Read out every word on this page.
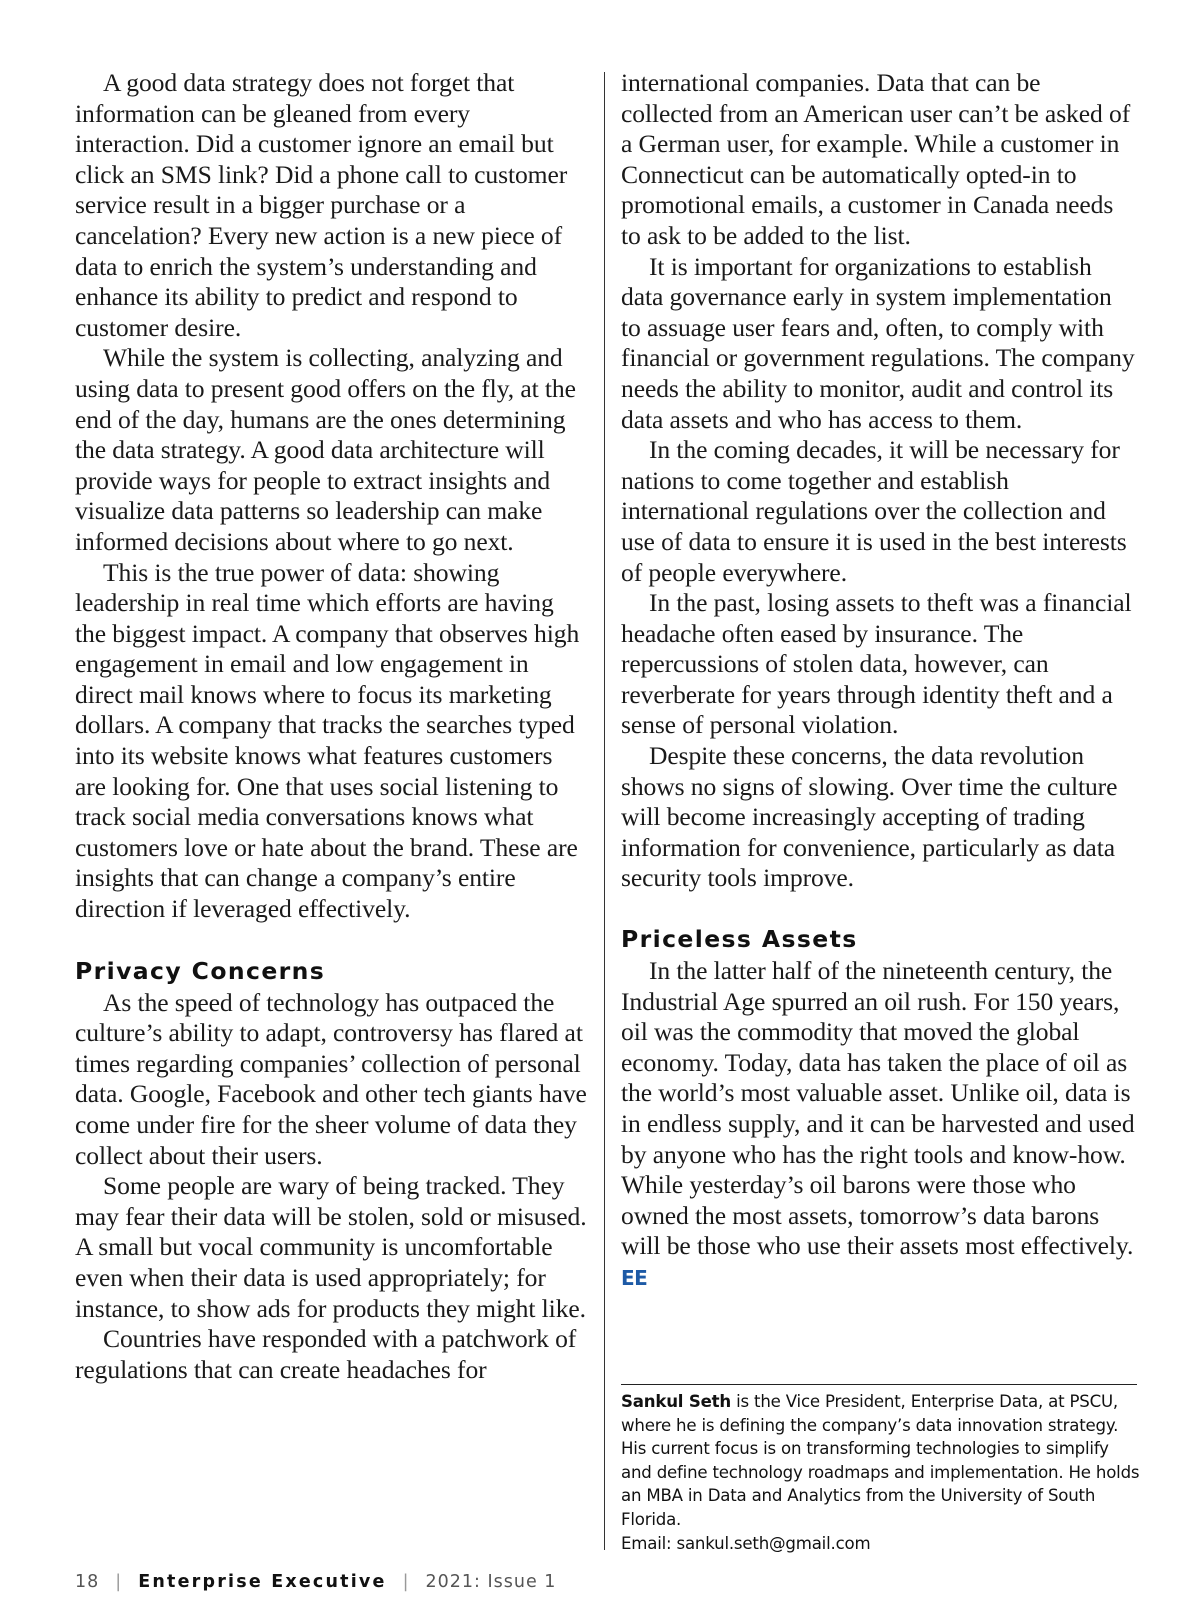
A good data strategy does not forget that information can be gleaned from every interaction. Did a customer ignore an email but click an SMS link? Did a phone call to customer service result in a bigger purchase or a cancelation? Every new action is a new piece of data to enrich the system’s understanding and enhance its ability to predict and respond to customer desire.

While the system is collecting, analyzing and using data to present good offers on the fly, at the end of the day, humans are the ones determining the data strategy. A good data architecture will provide ways for people to extract insights and visualize data patterns so leadership can make informed decisions about where to go next.

This is the true power of data: showing leadership in real time which efforts are having the biggest impact. A company that observes high engagement in email and low engagement in direct mail knows where to focus its marketing dollars. A company that tracks the searches typed into its website knows what features customers are looking for. One that uses social listening to track social media conversations knows what customers love or hate about the brand. These are insights that can change a company’s entire direction if leveraged effectively.

Privacy Concerns

As the speed of technology has outpaced the culture’s ability to adapt, controversy has flared at times regarding companies’ collection of personal data. Google, Facebook and other tech giants have come under fire for the sheer volume of data they collect about their users.

Some people are wary of being tracked. They may fear their data will be stolen, sold or misused. A small but vocal community is uncomfortable even when their data is used appropriately; for instance, to show ads for products they might like.

Countries have responded with a patchwork of regulations that can create headaches for

international companies. Data that can be collected from an American user can’t be asked of a German user, for example. While a customer in Connecticut can be automatically opted-in to promotional emails, a customer in Canada needs to ask to be added to the list.

It is important for organizations to establish data governance early in system implementation to assuage user fears and, often, to comply with financial or government regulations. The company needs the ability to monitor, audit and control its data assets and who has access to them.

In the coming decades, it will be necessary for nations to come together and establish international regulations over the collection and use of data to ensure it is used in the best interests of people everywhere.

In the past, losing assets to theft was a financial headache often eased by insurance. The repercussions of stolen data, however, can reverberate for years through identity theft and a sense of personal violation.

Despite these concerns, the data revolution shows no signs of slowing. Over time the culture will become increasingly accepting of trading information for convenience, particularly as data security tools improve.

Priceless Assets

In the latter half of the nineteenth century, the Industrial Age spurred an oil rush. For 150 years, oil was the commodity that moved the global economy. Today, data has taken the place of oil as the world’s most valuable asset. Unlike oil, data is in endless supply, and it can be harvested and used by anyone who has the right tools and know-how. While yesterday’s oil barons were those who owned the most assets, tomorrow’s data barons will be those who use their assets most effectively. EE

Sankul Seth is the Vice President, Enterprise Data, at PSCU, where he is defining the company’s data innovation strategy. His current focus is on transforming technologies to simplify and define technology roadmaps and implementation. He holds an MBA in Data and Analytics from the University of South Florida.
Email: sankul.seth@gmail.com
18 | Enterprise Executive | 2021: Issue 1
